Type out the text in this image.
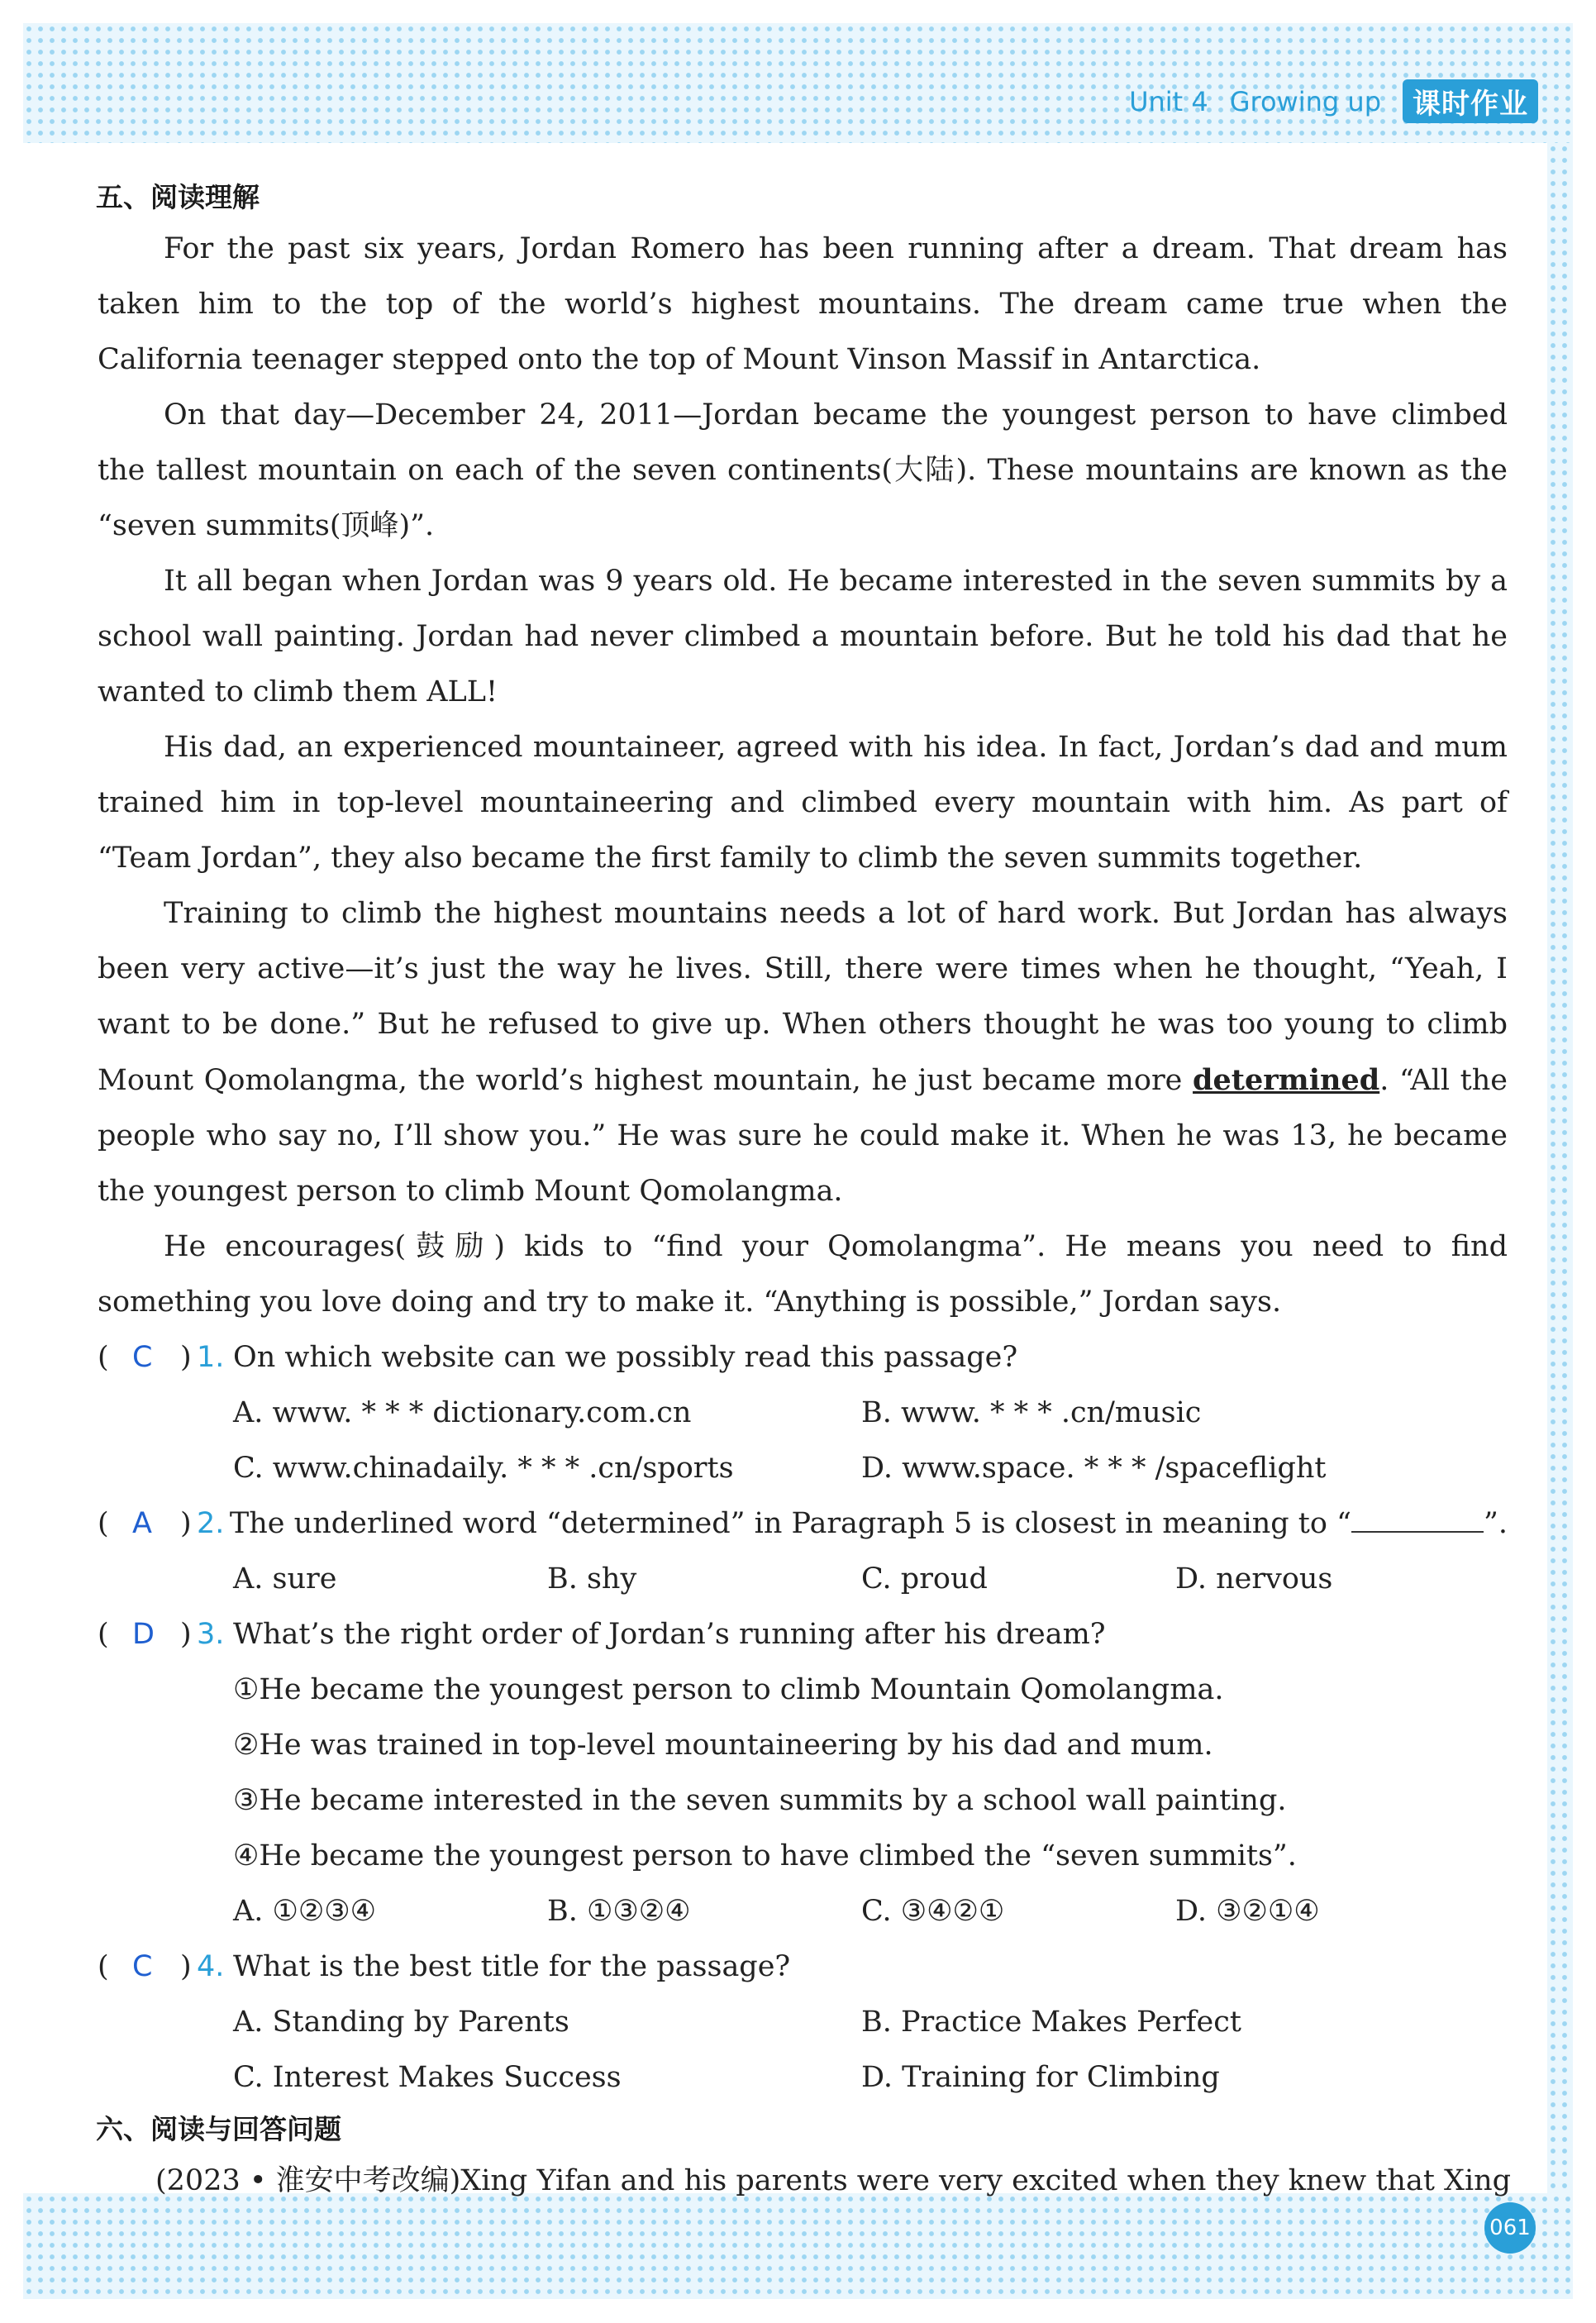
Unit 4 Growing up	课时作业
五、阅读理解

For the past six years, Jordan Romero has been running after a dream. That dream has taken him to the top of the world’s highest mountains. The dream came true when the California teenager stepped onto the top of Mount Vinson Massif in Antarctica.

On that day—December 24, 2011—Jordan became the youngest person to have climbed the tallest mountain on each of the seven continents(大陆). These mountains are known as the “seven summits(顶峰)”.

It all began when Jordan was 9 years old. He became interested in the seven summits by a school wall painting. Jordan had never climbed a mountain before. But he told his dad that he wanted to climb them ALL!

His dad, an experienced mountaineer, agreed with his idea. In fact, Jordan’s dad and mum trained him in top-level mountaineering and climbed every mountain with him. As part of “Team Jordan”, they also became the first family to climb the seven summits together.

Training to climb the highest mountains needs a lot of hard work. But Jordan has always been very active—it’s just the way he lives. Still, there were times when he thought, “Yeah, I want to be done.” But he refused to give up. When others thought he was too young to climb Mount Qomolangma, the world’s highest mountain, he just became more determined. “All the people who say no, I’ll show you.” He was sure he could make it. When he was 13, he became the youngest person to climb Mount Qomolangma.

He encourages(鼓励) kids to “find your Qomolangma”. He means you need to find something you love doing and try to make it. “Anything is possible,” Jordan says.

( C ) 1. On which website can we possibly read this passage?
A. www. * * * dictionary.com.cn	B. www. * * * .cn/music
C. www.chinadaily. * * * .cn/sports	D. www.space. * * * /spaceflight
( A ) 2. The underlined word “determined” in Paragraph 5 is closest in meaning to “	”.
A. sure	B. shy	C. proud	D. nervous
( D ) 3. What’s the right order of Jordan’s running after his dream?
①He became the youngest person to climb Mountain Qomolangma.
②He was trained in top-level mountaineering by his dad and mum.
③He became interested in the seven summits by a school wall painting.
④He became the youngest person to have climbed the “seven summits”.
A. ①②③④	B. ①③②④	C. ③④②①	D. ③②①④
( C ) 4. What is the best title for the passage?
A. Standing by Parents	B. Practice Makes Perfect
C. Interest Makes Success	D. Training for Climbing
六、阅读与回答问题

(2023 • 淮安中考改编)Xing Yifan and his parents were very excited when they knew that Xing

061
